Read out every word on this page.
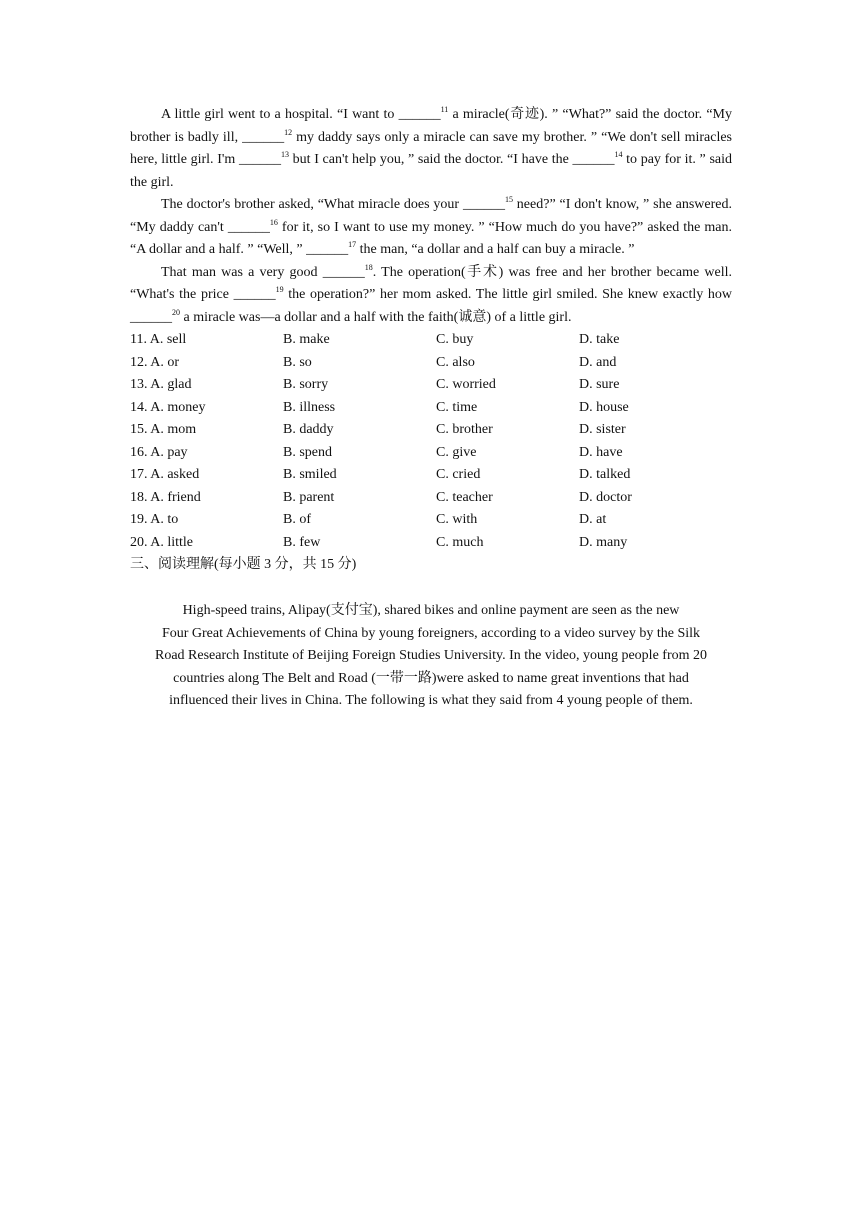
A little girl went to a hospital. “I want to ______$^{11}$ a miracle(奇迹). ” “What?” said the doctor. “My brother is badly ill, ______$^{12}$ my daddy says only a miracle can save my brother. ” “We don't sell miracles here, little girl. I'm ______$^{13}$ but I can't help you, ” said the doctor. “I have the ______$^{14}$ to pay for it. ” said the girl.

The doctor's brother asked, “What miracle does your ______$^{15}$ need?” “I don't know, ” she answered. “My daddy can't ______$^{16}$ for it, so I want to use my money. ” “How much do you have?” asked the man. “A dollar and a half. ” “Well, ” ______$^{17}$ the man, “a dollar and a half can buy a miracle. ”

That man was a very good ______$^{18}$. The operation(手术) was free and her brother became well. “What's the price ______$^{19}$ the operation?” her mom asked. The little girl smiled. She knew exactly how ______$^{20}$ a miracle was—a dollar and a half with the faith(诚意) of a little girl.

11. A. sell	B. make	C. buy	D. take
12. A. or	B. so	C. also	D. and
13. A. glad	B. sorry	C. worried	D. sure
14. A. money	B. illness	C. time	D. house
15. A. mom	B. daddy	C. brother	D. sister
16. A. pay	B. spend	C. give	D. have
17. A. asked	B. smiled	C. cried	D. talked
18. A. friend	B. parent	C. teacher	D. doctor
19. A. to	B. of	C. with	D. at
20. A. little	B. few	C. much	D. many

三、阅读理解(每小题 3 分，共 15 分)

High-speed trains, Alipay(支付宝), shared bikes and online payment are seen as the new
Four Great Achievements of China by young foreigners, according to a video survey by the Silk
Road Research Institute of Beijing Foreign Studies University. In the video, young people from 20
countries along The Belt and Road (一带一路)were asked to name great inventions that had
influenced their lives in China. The following is what they said from 4 young people of them.
